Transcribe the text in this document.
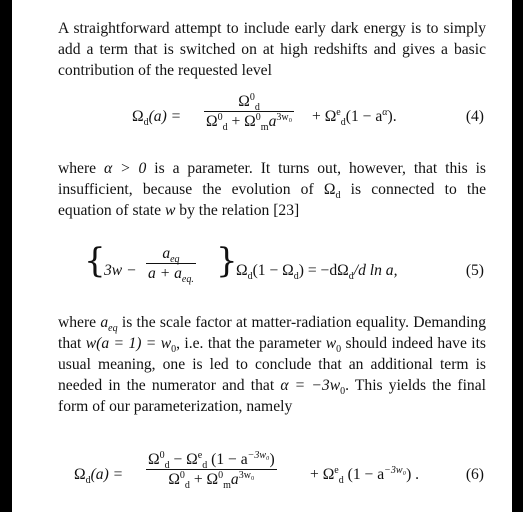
A straightforward attempt to include early dark energy is to simply add a term that is switched on at high redshifts and gives a basic contribution of the requested level

$\Omega_d(a) = \frac{\Omega^0_d}{\Omega^0_d + \Omega^0_ma^{3w_0}} + \Omega^e_d(1 - a^\alpha)$.	(4)

where α > 0 is a parameter. It turns out, however, that this is insufficient, because the evolution of $\Omega_d$ is connected to the equation of state w by the relation [23]

{
3w −
$a_{eq}$
$a + a_{eq.}$ }
$\Omega_d(1 - \Omega_d) = -d\Omega_d/d$ ln a,	(5)

where $a_{eq}$ is the scale factor at matter-radiation equality. Demanding that $w(a = 1) = w_0$, i.e. that the parameter $w_0$ should indeed have its usual meaning, one is led to conclude that an additional term is needed in the numerator and that $\alpha = -3w_0$. This yields the final form of our parameterization, namely

$\Omega_d(a)$ =
$\Omega^0_d - \Omega^e_d$ $(1 - a^{-3w_0})$
$\Omega^0_d + \Omega^0_ma^{3w_0}$	+ $\Omega^e_d$ $(1 - a^{-3w_0})$ .	(6)
